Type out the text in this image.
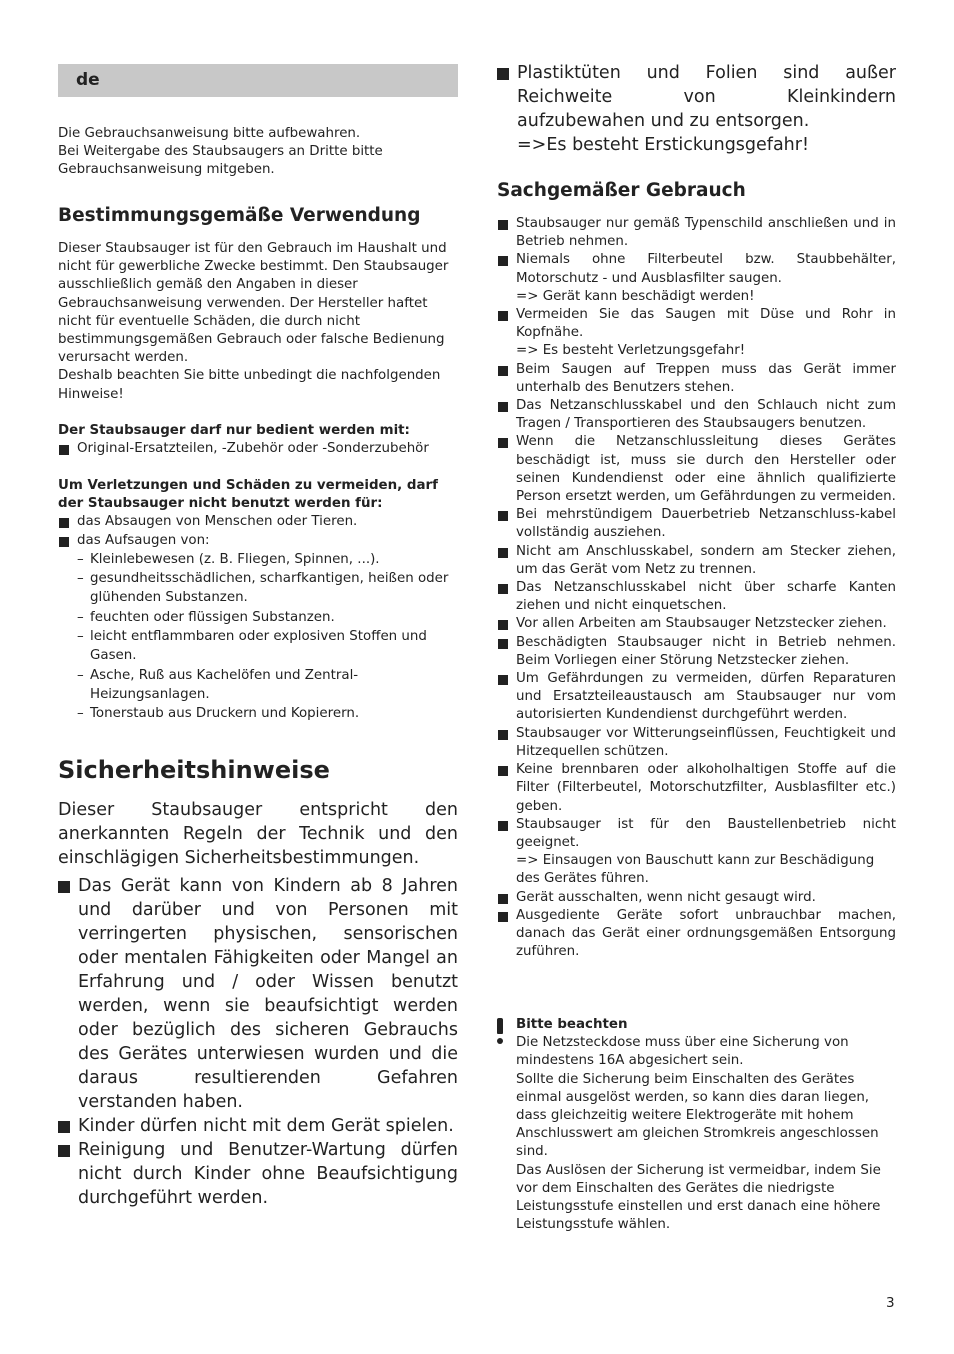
de

Die Gebrauchsanweisung bitte aufbewahren.

Bei Weitergabe des Staubsaugers an Dritte bitte Gebrauchsanweisung mitgeben.

Bestimmungsgemäße Verwendung

Dieser Staubsauger ist für den Gebrauch im Haushalt und nicht für gewerbliche Zwecke bestimmt. Den Staubsauger ausschließlich gemäß den Angaben in dieser Gebrauchsanweisung verwenden. Der Hersteller haftet nicht für eventuelle Schäden, die durch nicht bestimmungsgemäßen Gebrauch oder falsche Bedienung verursacht werden.

Deshalb beachten Sie bitte unbedingt die nachfolgenden Hinweise!

Der Staubsauger darf nur bedient werden mit:

Original-Ersatzteilen, -Zubehör oder -Sonderzubehör

Um Verletzungen und Schäden zu vermeiden, darf der Staubsauger nicht benutzt werden für:

das Absaugen von Menschen oder Tieren.
das Aufsaugen von:
– Kleinlebewesen (z. B. Fliegen, Spinnen, ...).
– gesundheitsschädlichen, scharfkantigen, heißen oder glühenden Substanzen.
– feuchten oder flüssigen Substanzen.
– leicht entflammbaren oder explosiven Stoffen und Gasen.
– Asche, Ruß aus Kachelöfen und Zentral- Heizungsanlagen.
– Tonerstaub aus Druckern und Kopierern.
Sicherheitshinweise

Dieser Staubsauger entspricht den anerkannten Regeln der Technik und den einschlägigen Sicherheitsbestimmungen.

Das Gerät kann von Kindern ab 8 Jahren und darüber und von Personen mit verringerten physischen, sensorischen oder mentalen Fähigkeiten oder Mangel an Erfahrung und / oder Wissen benutzt werden, wenn sie beaufsichtigt werden oder bezüglich des sicheren Gebrauchs des Gerätes unterwiesen wurden und die daraus resultierenden Gefahren verstanden haben.
Kinder dürfen nicht mit dem Gerät spielen.
Reinigung und Benutzer-Wartung dürfen nicht durch Kinder ohne Beaufsichtigung durchgeführt werden.
Plastiktüten und Folien sind außer Reichweite von Kleinkindern aufzubewahen und zu entsorgen.
=>Es besteht Erstickungsgefahr!
Sachgemäßer Gebrauch
Staubsauger nur gemäß Typenschild anschließen und in Betrieb nehmen.
Niemals ohne Filterbeutel bzw. Staubbehälter, Motorschutz - und Ausblasfilter saugen.
=> Gerät kann beschädigt werden!
Vermeiden Sie das Saugen mit Düse und Rohr in Kopfnähe.
=> Es besteht Verletzungsgefahr!
Beim Saugen auf Treppen muss das Gerät immer unterhalb des Benutzers stehen.
Das Netzanschlusskabel und den Schlauch nicht zum Tragen / Transportieren des Staubsaugers benutzen.
Wenn die Netzanschlussleitung dieses Gerätes beschädigt ist, muss sie durch den Hersteller oder seinen Kundendienst oder eine ähnlich qualifizierte Person ersetzt werden, um Gefährdungen zu vermeiden.
Bei mehrstündigem Dauerbetrieb Netzanschluss-kabel vollständig ausziehen.
Nicht am Anschlusskabel, sondern am Stecker ziehen, um das Gerät vom Netz zu trennen.
Das Netzanschlusskabel nicht über scharfe Kanten ziehen und nicht einquetschen.
Vor allen Arbeiten am Staubsauger Netzstecker ziehen.
Beschädigten Staubsauger nicht in Betrieb nehmen. Beim Vorliegen einer Störung Netzstecker ziehen.
Um Gefährdungen zu vermeiden, dürfen Reparaturen und Ersatzteileaustausch am Staubsauger nur vom autorisierten Kundendienst durchgeführt werden.
Staubsauger vor Witterungseinflüssen, Feuchtigkeit und Hitzequellen schützen.
Keine brennbaren oder alkoholhaltigen Stoffe auf die Filter (Filterbeutel, Motorschutzfilter, Ausblasfilter etc.) geben.
Staubsauger ist für den Baustellenbetrieb nicht geeignet.
=> Einsaugen von Bauschutt kann zur Beschädigung des Gerätes führen.
Gerät ausschalten, wenn nicht gesaugt wird.
Ausgediente Geräte sofort unbrauchbar machen, danach das Gerät einer ordnungsgemäßen Entsorgung zuführen.

Bitte beachten

Die Netzsteckdose muss über eine Sicherung von mindestens 16A abgesichert sein.

Sollte die Sicherung beim Einschalten des Gerätes einmal ausgelöst werden, so kann dies daran liegen, dass gleichzeitig weitere Elektrogeräte mit hohem Anschlusswert am gleichen Stromkreis angeschlossen sind.

Das Auslösen der Sicherung ist vermeidbar, indem Sie vor dem Einschalten des Gerätes die niedrigste Leistungsstufe einstellen und erst danach eine höhere Leistungsstufe wählen.

3
